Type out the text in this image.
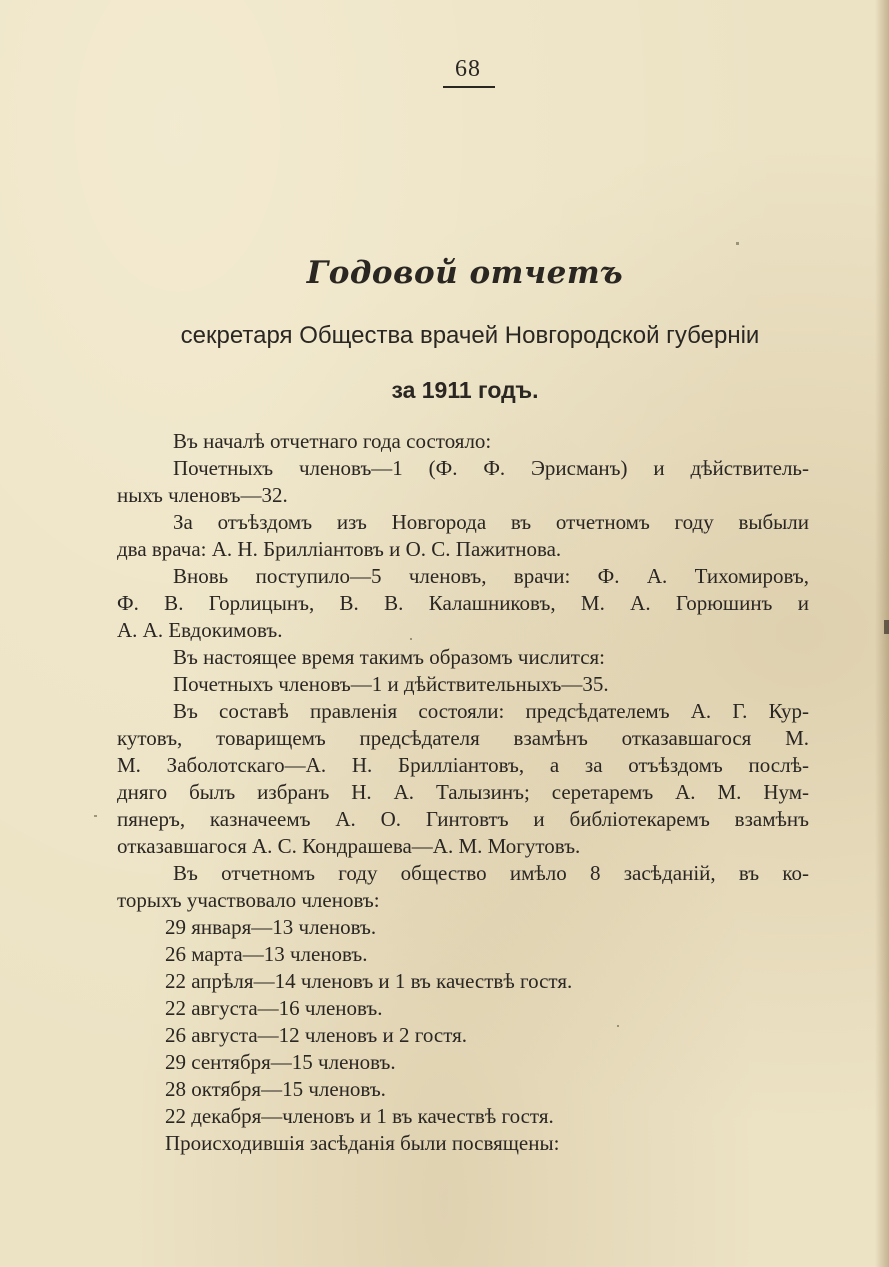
68
Годовой отчетъ
секретаря Общества врачей Новгородской губерніи
за 1911 годъ.
Въ началѣ отчетнаго года состояло:
Почетныхъ членовъ—1 (Ф. Ф. Эрисманъ) и дѣйствитель-
ныхъ членовъ—32.
За отъѣздомъ изъ Новгорода въ отчетномъ году выбыли
два врача: А. Н. Брилліантовъ и О. С. Пажитнова.
Вновь поступило—5 членовъ, врачи: Ф. А. Тихомировъ,
Ф. В. Горлицынъ, В. В. Калашниковъ, М. А. Горюшинъ и
А. А. Евдокимовъ.
Въ настоящее время такимъ образомъ числится:
Почетныхъ членовъ—1 и дѣйствительныхъ—35.
Въ составѣ правленія состояли: предсѣдателемъ А. Г. Кур-
кутовъ, товарищемъ предсѣдателя взамѣнъ отказавшагося М.
М. Заболотскаго—А. Н. Брилліантовъ, а за отъѣздомъ послѣ-
дняго былъ избранъ Н. А. Талызинъ; серетаремъ А. М. Нум-
пянеръ, казначеемъ А. О. Гинтовтъ и библіотекаремъ взамѣнъ
отказавшагося А. С. Кондрашева—А. М. Могутовъ.
Въ отчетномъ году общество имѣло 8 засѣданій, въ ко-
торыхъ участвовало членовъ:
29 января—13 членовъ.
26 марта—13 членовъ.
22 апрѣля—14 членовъ и 1 въ качествѣ гостя.
22 августа—16 членовъ.
26 августа—12 членовъ и 2 гостя.
29 сентября—15 членовъ.
28 октября—15 членовъ.
22 декабря—членовъ и 1 въ качествѣ гостя.
Происходившія засѣданія были посвящены:
